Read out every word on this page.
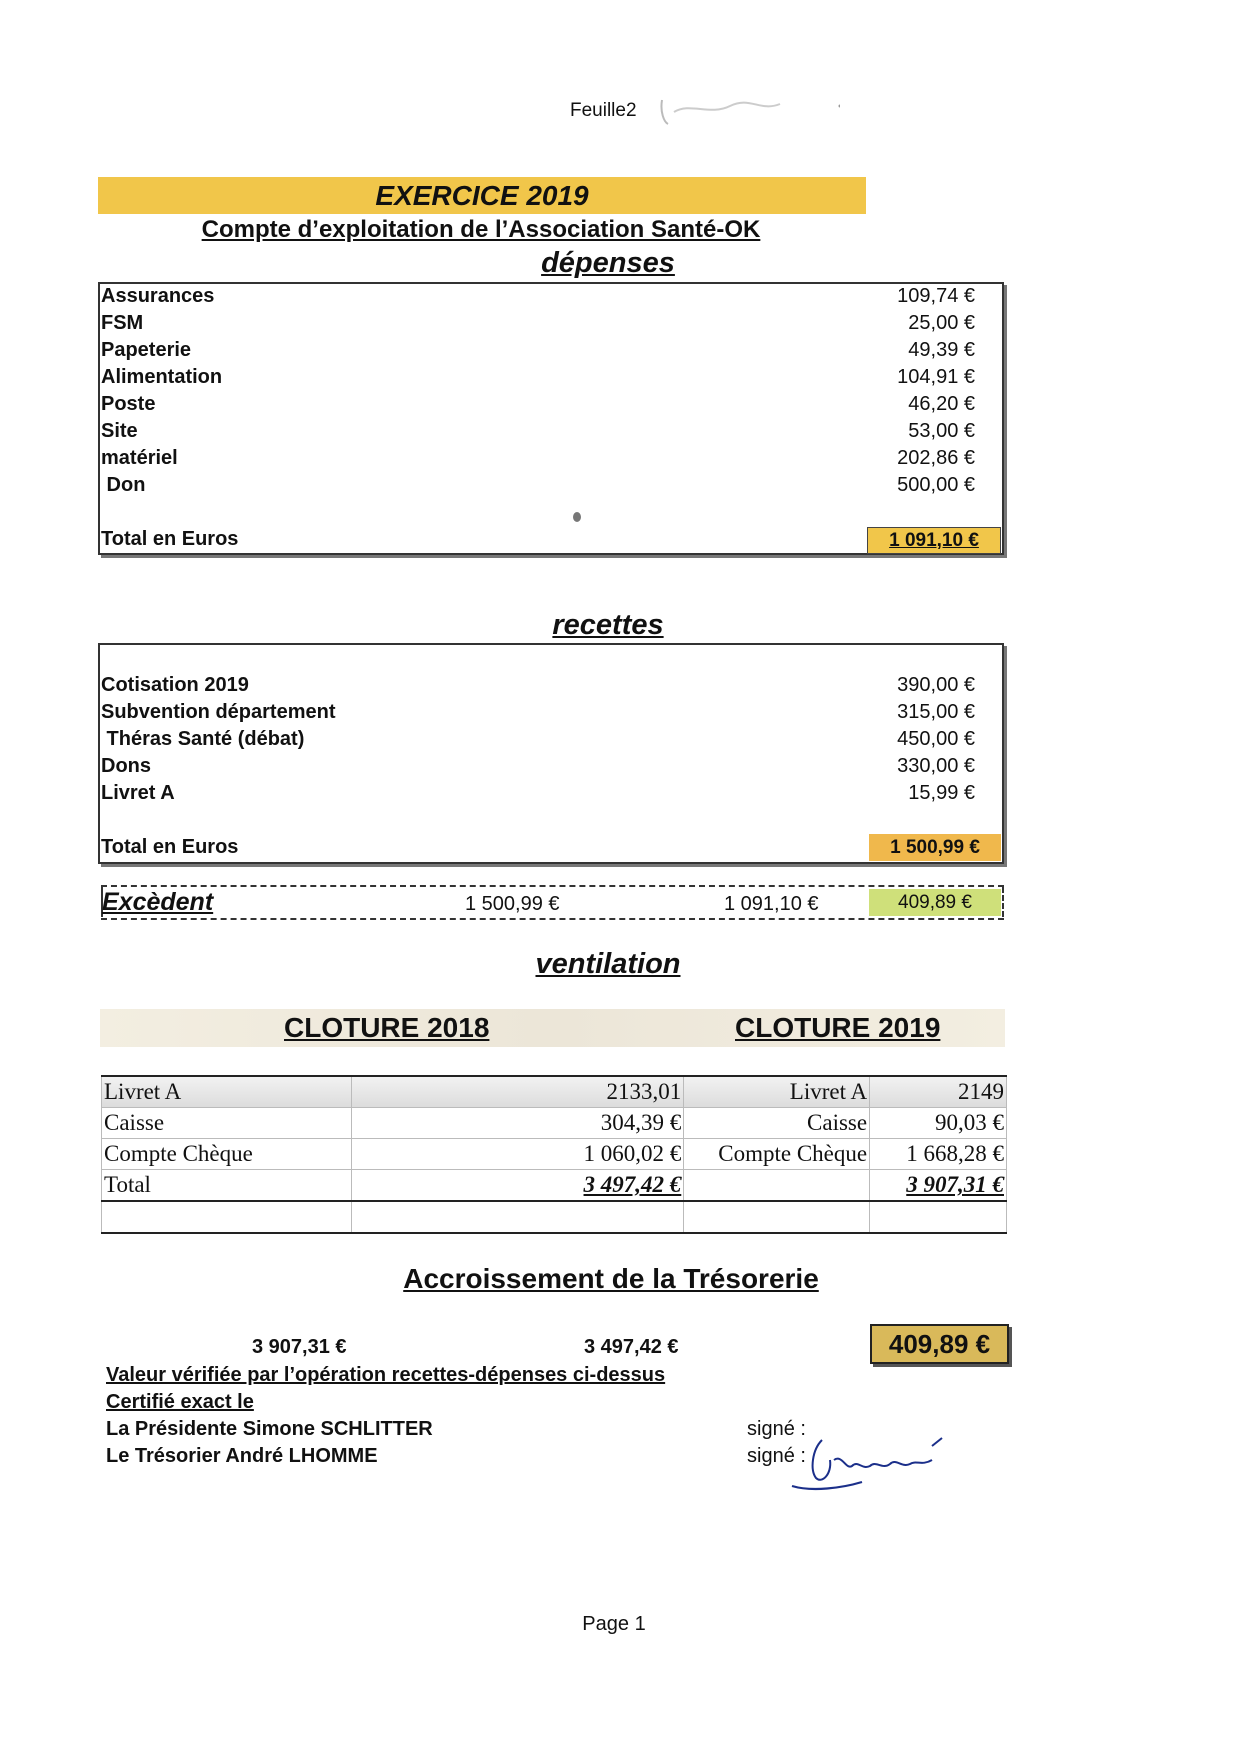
Feuille2
EXERCICE 2019
Compte d’exploitation de l’Association Santé-OK
dépenses
Assurances	109,74 €
FSM	25,00 €
Papeterie	49,39 €
Alimentation	104,91 €
Poste	46,20 €
Site	53,00 €
matériel	202,86 €
Don	500,00 €
Total en Euros	1 091,10 €
recettes
Cotisation 2019	390,00 €
Subvention département	315,00 €
Théras Santé (débat)	450,00 €
Dons	330,00 €
Livret A	15,99 €
Total en Euros	1 500,99 €
Excèdent	1 500,99 €	1 091,10 €	409,89 €
ventilation
CLOTURE 2018	CLOTURE 2019
Livret A	2133,01	Livret A	2149
Caisse	304,39 €	Caisse	90,03 €
Compte Chèque	1 060,02 €	Compte Chèque	1 668,28 €
Total	3 497,42 €		3 907,31 €

Accroissement de la Trésorerie
3 907,31 €	3 497,42 €	409,89 €
Valeur vérifiée par l’opération recettes-dépenses ci-dessus
Certifié exact le
La Présidente Simone SCHLITTER
Le Trésorier André LHOMME
signé :
signé :
Page 1
